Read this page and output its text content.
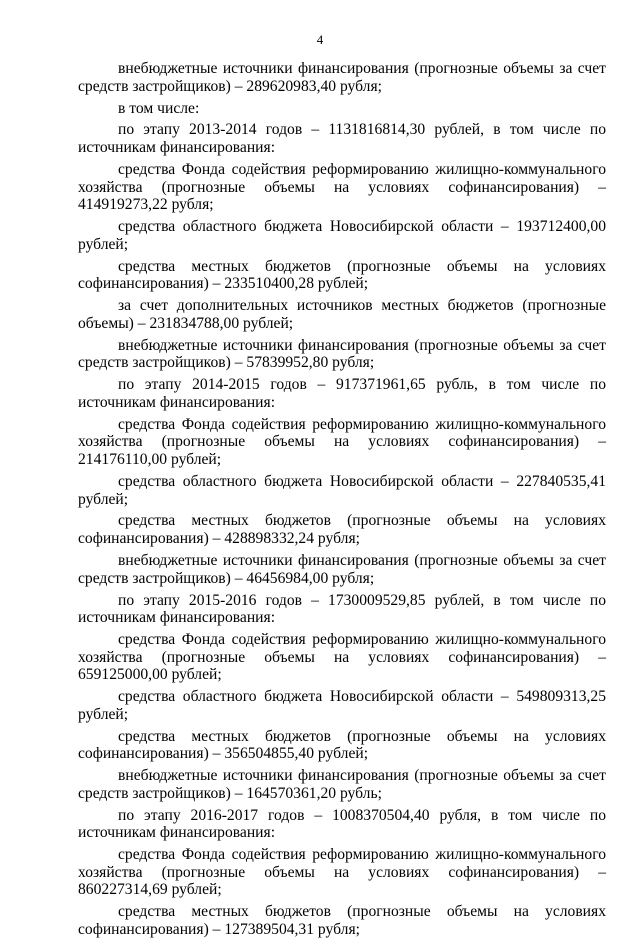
4

внебюджетные источники финансирования (прогнозные объемы за счет средств застройщиков) – 289620983,40 рубля;

в том числе:

по этапу 2013-2014 годов – 1131816814,30 рублей, в том числе по источникам финансирования:

средства Фонда содействия реформированию жилищно-коммунального хозяйства (прогнозные объемы на условиях софинансирования) – 414919273,22 рубля;

средства областного бюджета Новосибирской области – 193712400,00 рублей;

средства местных бюджетов (прогнозные объемы на условиях софинансирования) – 233510400,28 рублей;

за счет дополнительных источников местных бюджетов (прогнозные объемы) – 231834788,00 рублей;

внебюджетные источники финансирования (прогнозные объемы за счет средств застройщиков) – 57839952,80 рубля;

по этапу 2014-2015 годов – 917371961,65 рубль, в том числе по источникам финансирования:

средства Фонда содействия реформированию жилищно-коммунального хозяйства (прогнозные объемы на условиях софинансирования) – 214176110,00 рублей;

средства областного бюджета Новосибирской области – 227840535,41 рублей;

средства местных бюджетов (прогнозные объемы на условиях софинансирования) – 428898332,24 рубля;

внебюджетные источники финансирования (прогнозные объемы за счет средств застройщиков) – 46456984,00 рубля;

по этапу 2015-2016 годов – 1730009529,85 рублей, в том числе по источникам финансирования:

средства Фонда содействия реформированию жилищно-коммунального хозяйства (прогнозные объемы на условиях софинансирования) – 659125000,00 рублей;

средства областного бюджета Новосибирской области – 549809313,25 рублей;

средства местных бюджетов (прогнозные объемы на условиях софинансирования) – 356504855,40 рублей;

внебюджетные источники финансирования (прогнозные объемы за счет средств застройщиков) – 164570361,20 рубль;

по этапу 2016-2017 годов – 1008370504,40 рубля, в том числе по источникам финансирования:

средства Фонда содействия реформированию жилищно-коммунального хозяйства (прогнозные объемы на условиях софинансирования) – 860227314,69 рублей;

средства местных бюджетов (прогнозные объемы на условиях софинансирования) – 127389504,31 рубля;
